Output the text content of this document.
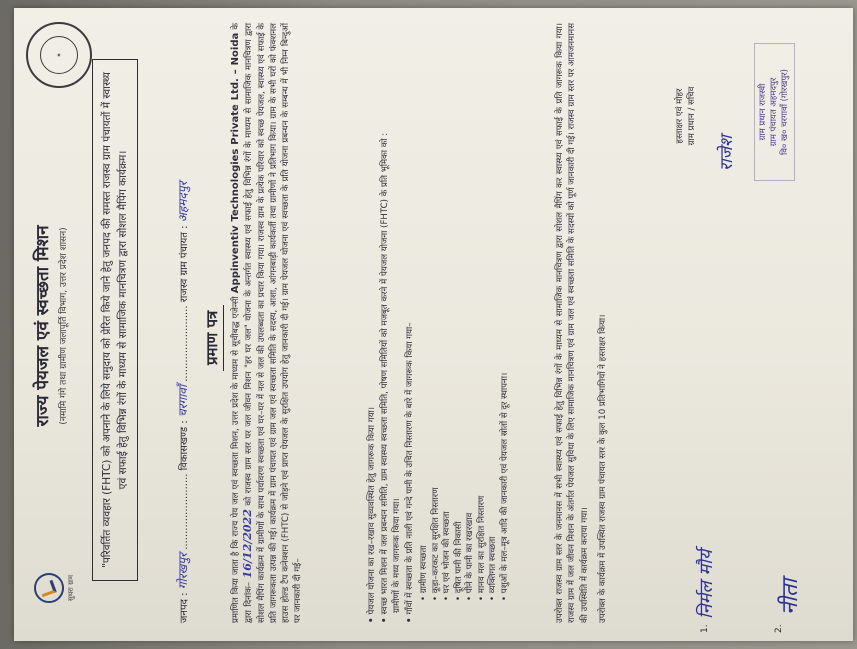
सुथरा ग्राम
✶
राज्य पेयजल एवं स्वच्छता मिशन (नमामि गंगे तथा ग्रामीण जलापूर्ति विभाग, उत्तर प्रदेश शासन)	"परिवर्तित व्यवहार (FHTC) को अपनाने के लिये समुदाय को प्रेरित किये जाने हेतु जनपद की समस्त राजस्व ग्राम पंचायतों में स्वास्थ्य एवं सफाई हेतु विभिन्न रंगों के माध्यम से सामाजिक मानचित्रण द्वारा सोशल मैपिंग कार्यक्रम।
जनपद : गोरखपुर ........................ विकासखण्ड : चरगावाँ ........................ राजस्व ग्राम पंचायत : अहमदपुर
प्रमाण पत्र	प्रमाणित किया जाता है कि राज्य पेय जल एवं स्वच्छता मिशन, उत्तर प्रदेश के माध्यम से सूचीबद्ध एजेन्सी Appinventiv Technologies Private Ltd. – Noida के द्वारा दिनांक– 16/12/2022 को राजस्व ग्राम स्तर पर जल जीवन मिशन "हर घर जल" योजना के अन्तर्गत स्वास्थ्य एवं सफाई हेतु विभिन्न रंगों के माध्यम से सामाजिक मानचित्रण द्वारा सोशल मैपिंग कार्यक्रम में ग्रामीणों के साथ पर्यावरण स्वच्छता एवं घर–घर में नल से जल की उपलब्धता का प्रचार किया गया। राजस्व ग्राम के प्रत्येक परिवार को स्वच्छ पेयजल, स्वास्थ्य एवं सफाई के प्रति जागरूकता उत्पन्न की गई। कार्यक्रम में ग्राम पंचायत एवं ग्राम जल एवं स्वच्छता समिति के सदस्य, आशा, आंगनबाड़ी कार्यकर्ती तथा ग्रामीणों ने प्रतिभाग किया। ग्राम के सभी घरों को फंक्शनल हाउस होल्ड टैप कनेक्शन (FHTC) से जोड़ने एवं प्राप्त पेयजल के सुरक्षित उपयोग हेतु जानकारी दी गई। ग्राम पेयजल योजना एवं स्वच्छता के प्रति योजना प्रबन्धन के सम्बन्ध में भी निम्न बिन्दुओं पर जानकारी दी गई–	• पेयजल योजना का रख–रखाव सुव्यवस्थित हेतु जागरूक किया गया। • स्वच्छ भारत मिशन में जल प्रबन्धन समिति, ग्राम स्वास्थ्य स्वच्छता समिति, पोषण समितियों को मजबूत करने में पेयजल योजना (FHTC) के प्रति भूमिका को : ग्रामीणों के मध्य जागरूक किया गया। • गाँवों में स्वच्छता के प्रति नाली एवं गन्दे पानी के उचित निस्तारण के बारे में जागरूक किया गया– • ग्रामीण स्वच्छता • कूड़ा–करकट का सुरक्षित निस्तारण • घर एवं भोजन की स्वच्छता • दूषित पानी की निकासी • पीने के पानी का रखरखाव • मानव मल का सुरक्षित निस्तारण • व्यक्तिगत स्वच्छता • पशुओं के मल–मूत्र आदि की जानकारी एवं पेयजल स्रोतों से दूर स्थापना।	उपरोक्त राजस्व ग्राम स्तर के जनमानस में सभी स्वास्थ्य एवं सफाई हेतु विभिन्न रंगों के माध्यम से सामाजिक मानचित्रण द्वारा सोशल मैपिंग कर स्वास्थ्य एवं सफाई के प्रति जागरूक किया गया। राजस्व ग्राम में जल जीवन मिशन के अंतर्गत पेयजल सुविधा के लिए सामाजिक मानचित्रण एवं ग्राम जल एवं स्वच्छता समिति के सदस्यों को पूर्ण जानकारी दी गई। राजस्व ग्राम स्तर पर आमजनमानस की उपस्थिति में कार्यक्रम कराया गया। उपरोक्त के कार्यक्रम में उपस्थित राजस्व ग्राम पंचायत स्तर के कुल 10 प्रतिभागियों ने हस्ताक्षर किया।
1.
निर्मल मौर्य
2.
नीता
हस्ताक्षर एवं मोहर ग्राम प्रधान / सचिव
राजेश
ग्राम प्रधान राजस्वी ग्राम पंचायत अहमदपुर वि० ख० चरगावाँ (गोरखपुर)
